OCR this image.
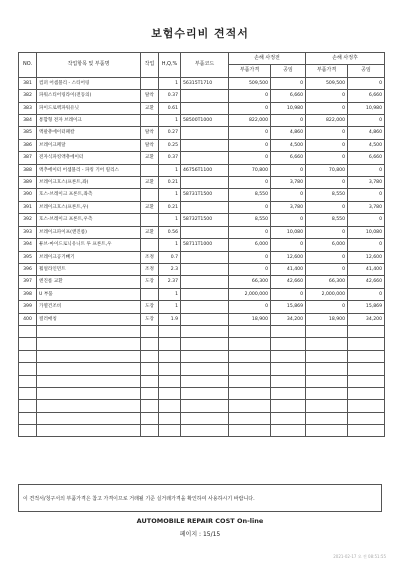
보험수리비 견적서
NO.	작업항목 및 부품명	작업	H,Q,%	부품코드	손해 사정전		손해 사정후	
					부품가격	공임	부품가격	공임
381	컴퍼 어셈블리 - 스티어링		1	56315T1710	509,500	0	509,500	0
382	파워스티어링라이(전동의)	탈착	0.37		0	6,660	0	6,660
383	파이드로맥파워유닛	교환	0.61		0	10,980	0	10,980
384	통합형 전자 브레이크		1	58500T1000	822,000	0	822,000	0
385	액팔츄에이터패칼	탈착	0.27		0	4,860	0	4,860
386	브레이크페달	탈착	0.25		0	4,500	0	4,500
387	전자식파킹액츄에이터	교환	0.37		0	6,660	0	6,660
388	액추에이터 어셈블리 - 파킹 기어 릴리스		1	46756T1100	70,800	0	70,800	0
389	브레이크호스(프론트,좌)	교환	0.21		0	3,780	0	3,780
390	호스-브레이크 프론트,좌측		1	58731T1500	8,550	0	8,550	0
391	브레이크호스(프론트,우)	교환	0.21		0	3,780	0	3,780
392	호스-브레이크 프론트,우측		1	58732T1500	8,550	0	8,550	0
393	브레이크파이프(앤진룸)	교환	0.56		0	10,080	0	10,080
394	튜브-마이드로닉유니트 투 프론트,우		1	58711T1000	6,000	0	6,000	0
395	브레이크공기빼기	조정	0.7		0	12,600	0	12,600
396	휠얼라인먼트	조정	2.3		0	41,400	0	41,400
397	엔진룸 교환	도장	2.37		66,300	42,660	66,300	42,660
398	U 부품		1		2,000,000	0	2,000,000	0
399	가열건조비	도장	1		0	15,869	0	15,869
400	컬러매칭	도장	1.9		18,900	34,200	18,900	34,200

이 견적서/청구서의 부품가격은 참고 가격이므로 거래될 기준 실거래가격을 확인하여 사용하시기 바랍니다.
AUTOMOBILE REPAIR COST On-line
페이지 : 15/15
2021-02-17 오 전 08:51:55
